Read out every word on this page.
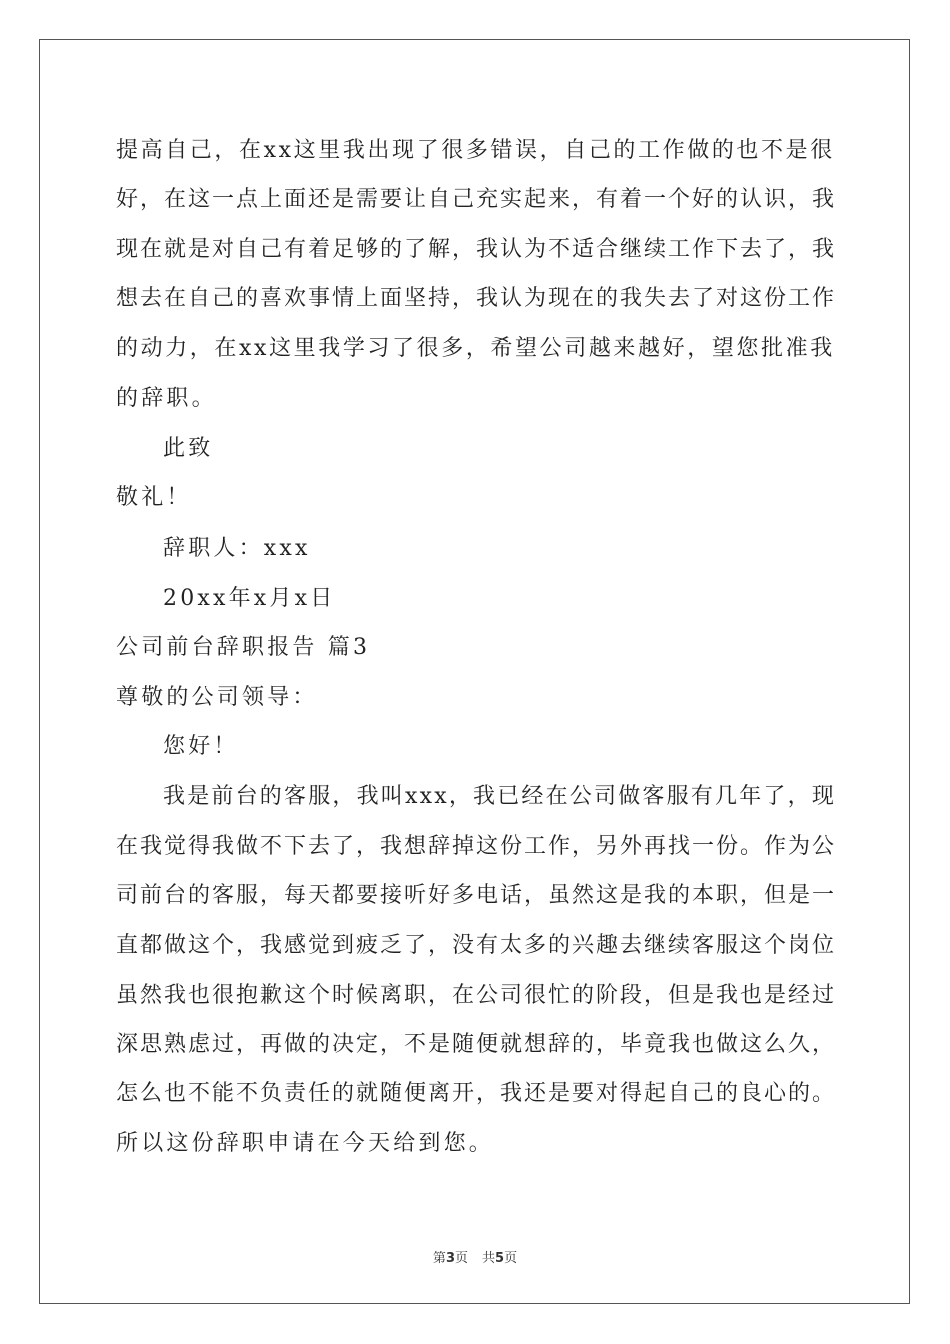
提高自己，在xx这里我出现了很多错误，自己的工作做的也不是很
好，在这一点上面还是需要让自己充实起来，有着一个好的认识，我
现在就是对自己有着足够的了解，我认为不适合继续工作下去了，我
想去在自己的喜欢事情上面坚持，我认为现在的我失去了对这份工作
的动力，在xx这里我学习了很多，希望公司越来越好，望您批准我
的辞职。
此致
敬礼！
辞职人：xxx
20xx年x月x日
公司前台辞职报告 篇3
尊敬的公司领导：
您好！
我是前台的客服，我叫xxx，我已经在公司做客服有几年了，现
在我觉得我做不下去了，我想辞掉这份工作，另外再找一份。作为公
司前台的客服，每天都要接听好多电话，虽然这是我的本职，但是一
直都做这个，我感觉到疲乏了，没有太多的兴趣去继续客服这个岗位
虽然我也很抱歉这个时候离职，在公司很忙的阶段，但是我也是经过
深思熟虑过，再做的决定，不是随便就想辞的，毕竟我也做这么久，
怎么也不能不负责任的就随便离开，我还是要对得起自己的良心的。
所以这份辞职申请在今天给到您。
第3页 共5页
